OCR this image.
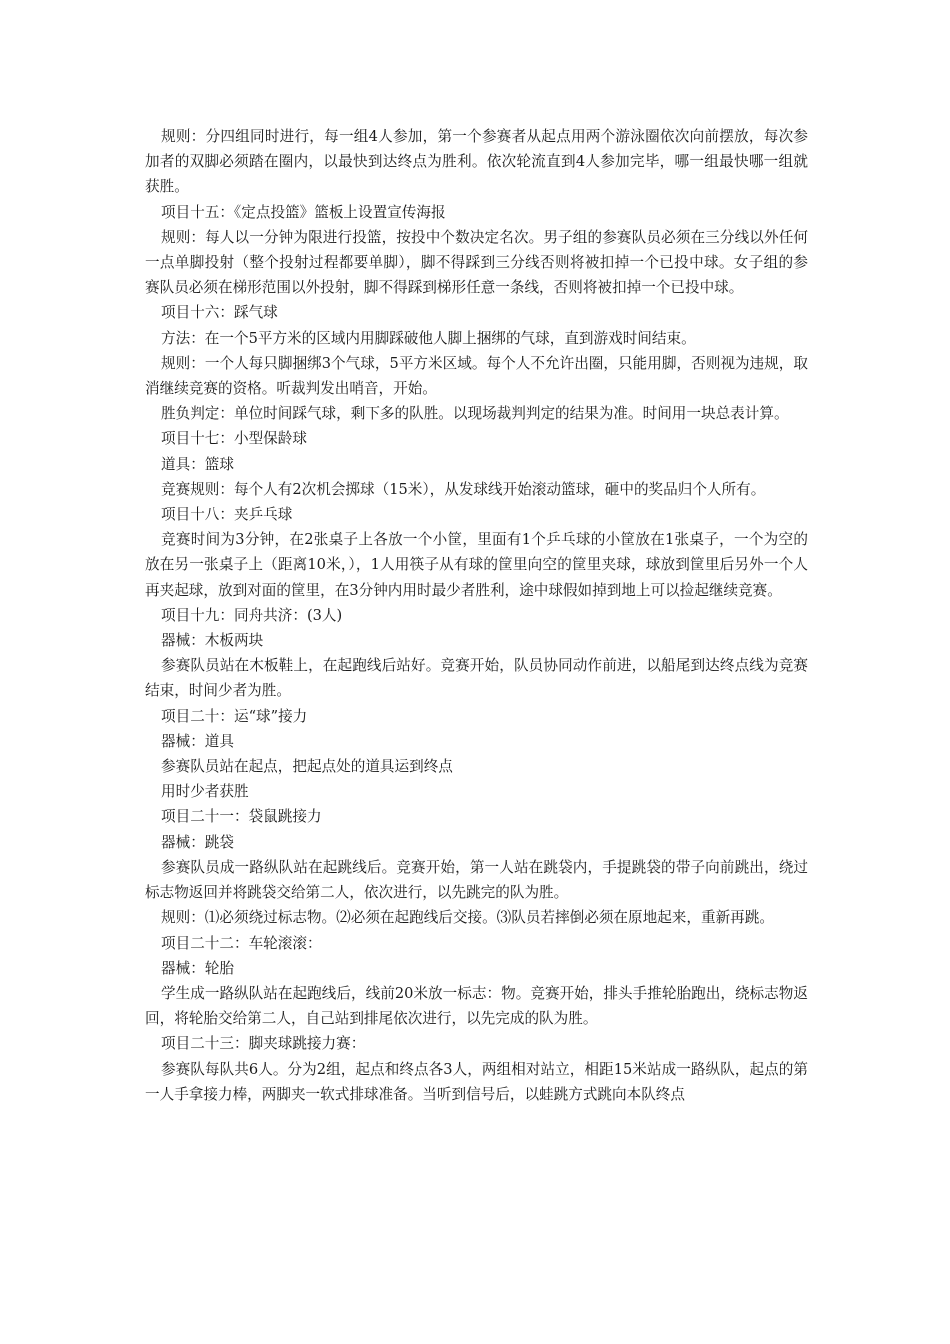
规则：分四组同时进行，每一组4人参加，第一个参赛者从起点用两个游泳圈依次向前摆放，每次参加者的双脚必须踏在圈内，以最快到达终点为胜利。依次轮流直到4人参加完毕，哪一组最快哪一组就获胜。

项目十五：《定点投篮》篮板上设置宣传海报

规则：每人以一分钟为限进行投篮，按投中个数决定名次。男子组的参赛队员必须在三分线以外任何一点单脚投射（整个投射过程都要单脚），脚不得踩到三分线否则将被扣掉一个已投中球。女子组的参赛队员必须在梯形范围以外投射，脚不得踩到梯形任意一条线，否则将被扣掉一个已投中球。

项目十六：踩气球

方法：在一个5平方米的区域内用脚踩破他人脚上捆绑的气球，直到游戏时间结束。

规则：一个人每只脚捆绑3个气球，5平方米区域。每个人不允许出圈，只能用脚，否则视为违规，取消继续竞赛的资格。听裁判发出哨音，开始。

胜负判定：单位时间踩气球，剩下多的队胜。以现场裁判判定的结果为准。时间用一块总表计算。

项目十七：小型保龄球

道具：篮球

竞赛规则：每个人有2次机会掷球（15米），从发球线开始滚动篮球，砸中的奖品归个人所有。

项目十八：夹乒乓球

竞赛时间为3分钟，在2张桌子上各放一个小筐，里面有1个乒乓球的小筐放在1张桌子，一个为空的放在另一张桌子上（距离10米，），1人用筷子从有球的筐里向空的筐里夹球，球放到筐里后另外一个人再夹起球，放到对面的筐里，在3分钟内用时最少者胜利，途中球假如掉到地上可以捡起继续竞赛。

项目十九：同舟共济：(3人)

器械：木板两块

参赛队员站在木板鞋上，在起跑线后站好。竞赛开始，队员协同动作前进，以船尾到达终点线为竞赛结束，时间少者为胜。

项目二十：运“球”接力

器械：道具

参赛队员站在起点，把起点处的道具运到终点

用时少者获胜

项目二十一：袋鼠跳接力

器械：跳袋

参赛队员成一路纵队站在起跳线后。竞赛开始，第一人站在跳袋内，手提跳袋的带子向前跳出，绕过标志物返回并将跳袋交给第二人，依次进行，以先跳完的队为胜。

规则：⑴必须绕过标志物。⑵必须在起跑线后交接。⑶队员若摔倒必须在原地起来，重新再跳。

项目二十二：车轮滚滚：

器械：轮胎

学生成一路纵队站在起跑线后，线前20米放一标志：物。竞赛开始，排头手推轮胎跑出，绕标志物返回，将轮胎交给第二人，自己站到排尾依次进行，以先完成的队为胜。

项目二十三：脚夹球跳接力赛：

参赛队每队共6人。分为2组，起点和终点各3人，两组相对站立，相距15米站成一路纵队，起点的第一人手拿接力棒，两脚夹一软式排球准备。当听到信号后，以蛙跳方式跳向本队终点
